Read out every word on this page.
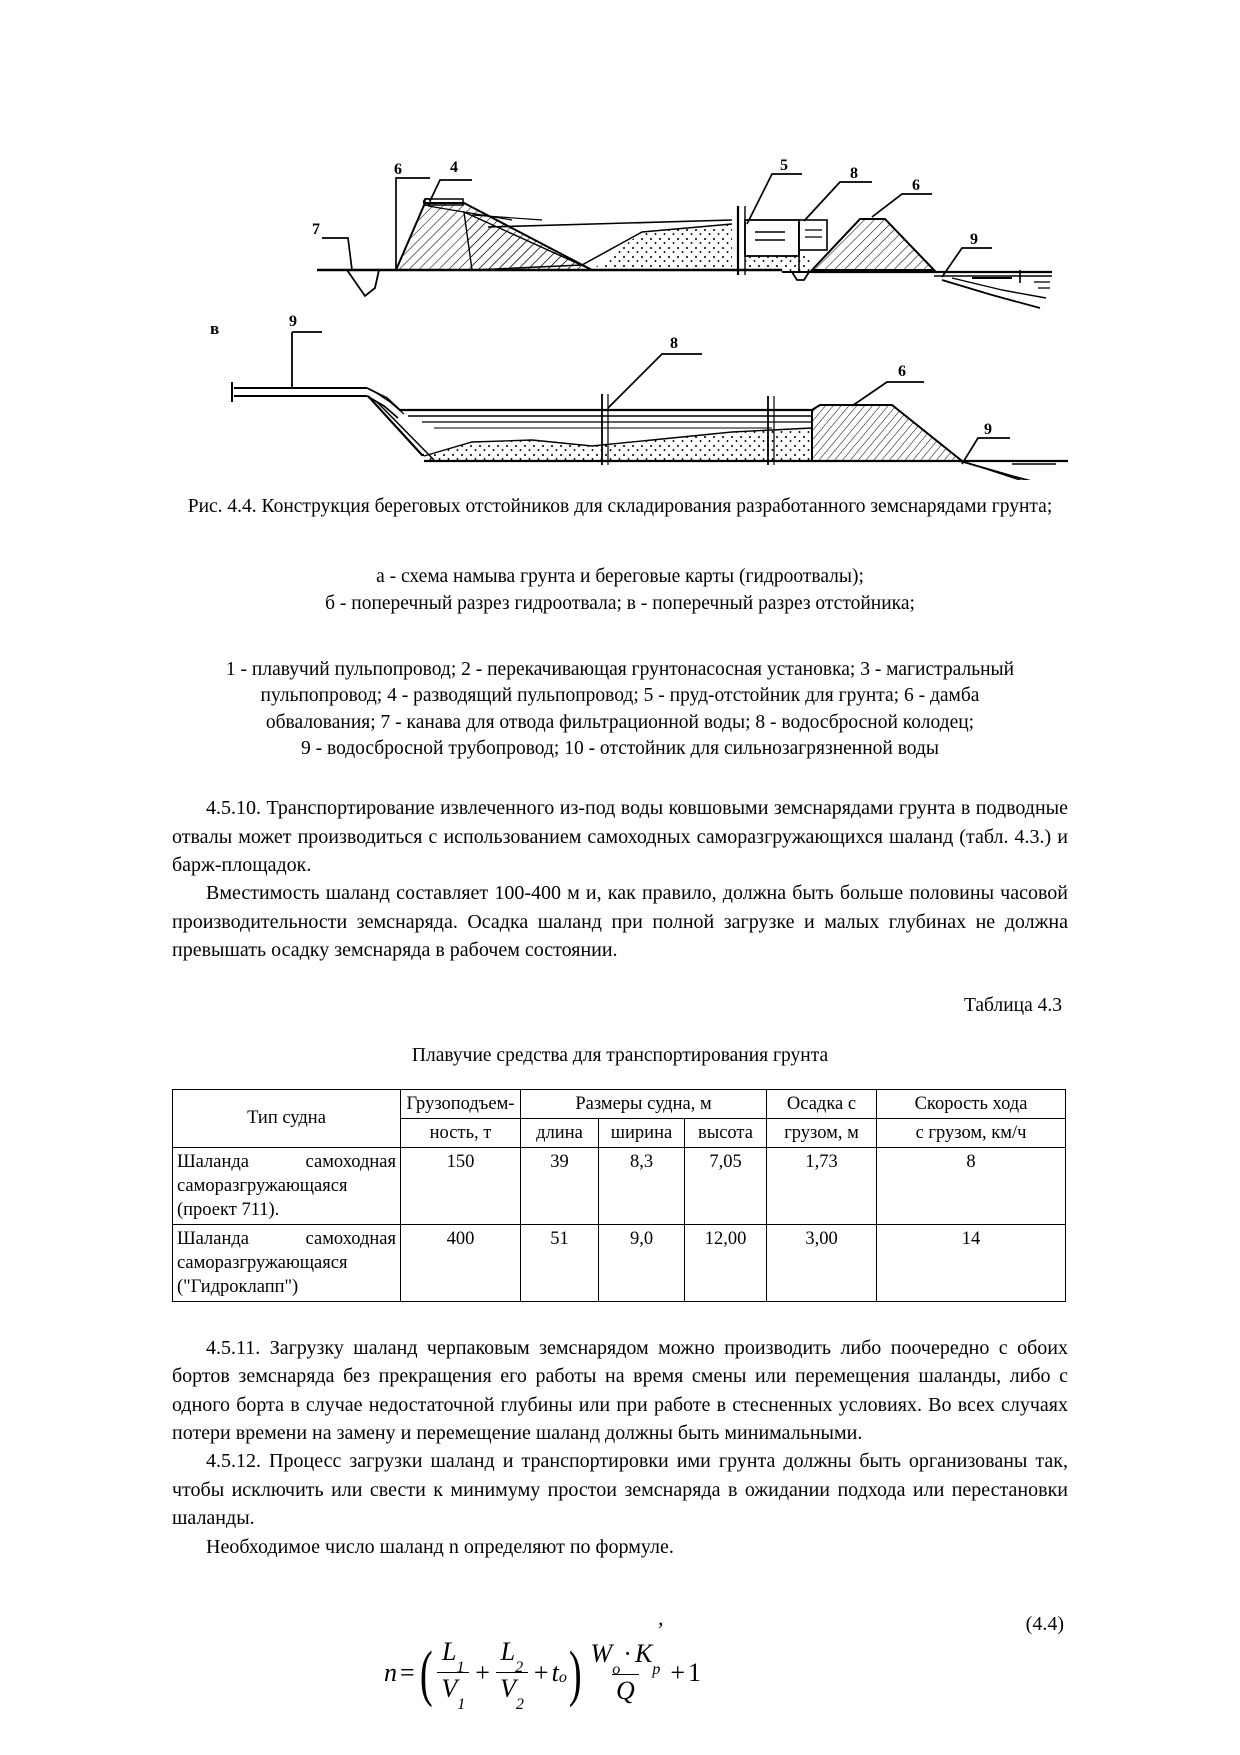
6	4	5	8
6
7
9
9
8
6
9
в
Рис. 4.4. Конструкция береговых отстойников для складирования разработанного земснарядами грунта;
а - схема намыва грунта и береговые карты (гидроотвалы);
б - поперечный разрез гидроотвала; в - поперечный разрез отстойника;
1 - плавучий пульпопровод; 2 - перекачивающая грунтонасосная установка; 3 - магистральный
пульпопровод; 4 - разводящий пульпопровод; 5 - пруд-отстойник для грунта; 6 - дамба
обвалования; 7 - канава для отвода фильтрационной воды; 8 - водосбросной колодец;
9 - водосбросной трубопровод; 10 - отстойник для сильнозагрязненной воды

4.5.10. Транспортирование извлеченного из-под воды ковшовыми земснарядами грунта в подводные отвалы может производиться с использованием самоходных саморазгружающихся шаланд (табл. 4.3.) и барж-площадок.

Вместимость шаланд составляет 100-400 м и, как правило, должна быть больше половины часовой производительности земснаряда. Осадка шаланд при полной загрузке и малых глубинах не должна превышать осадку земснаряда в рабочем состоянии.

Таблица 4.3
Плавучие средства для транспортирования грунта
Тип судна	Грузоподъем-	Размеры судна, м			Осадка с	Скорость хода
	ность, т	длина	ширина	высота	грузом, м	с грузом, км/ч
Шаланда самоходная саморазгружающаяся (проект 711).	150	39	8,3	7,05	1,73	8
Шаланда самоходная саморазгружающаяся ("Гидроклапп")	400	51	9,0	12,00	3,00	14

4.5.11. Загрузку шаланд черпаковым земснарядом можно производить либо поочередно с обоих бортов земснаряда без прекращения его работы на время смены или перемещения шаланды, либо с одного борта в случае недостаточной глубины или при работе в стесненных условиях. Во всех случаях потери времени на замену и перемещение шаланд должны быть минимальными.

4.5.12. Процесс загрузки шаланд и транспортировки ими грунта должны быть организованы так, чтобы исключить или свести к минимуму простои земснаряда в ожидании подхода или перестановки шаланды.

Необходимое число шаланд n определяют по формуле.

(4.4)
,
n = ( $\frac{L_1}{V_1} + \frac{L_2}{V_2} + t$ o ) $\frac{W_o\cdot K_p}{Q} + 1$
